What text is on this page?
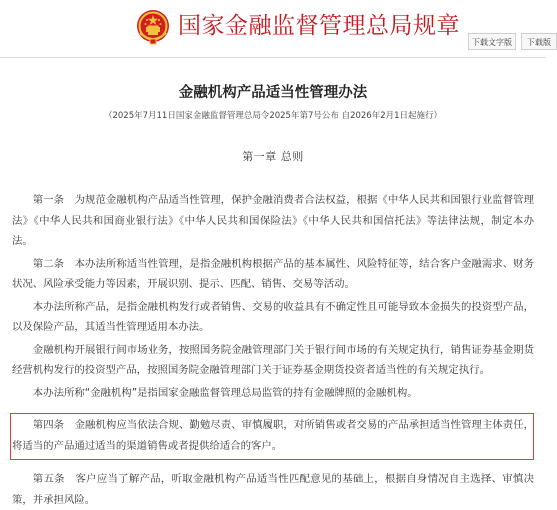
国家金融监督管理总局规章
下载文字版	下载版
金融机构产品适当性管理办法
（2025年7月11日国家金融监督管理总局令2025年第7号公布 自2026年2月1日起施行）
第一章 总则

第一条　为规范金融机构产品适当性管理，保护金融消费者合法权益，根据《中华人民共和国银行业监督管理法》《中华人民共和国商业银行法》《中华人民共和国保险法》《中华人民共和国信托法》等法律法规，制定本办法。

第二条　本办法所称适当性管理，是指金融机构根据产品的基本属性、风险特征等，结合客户金融需求、财务状况、风险承受能力等因素，开展识别、提示、匹配、销售、交易等活动。

本办法所称产品，是指金融机构发行或者销售、交易的收益具有不确定性且可能导致本金损失的投资型产品，以及保险产品，其适当性管理适用本办法。

金融机构开展银行间市场业务，按照国务院金融管理部门关于银行间市场的有关规定执行，销售证券基金期货经营机构发行的投资型产品，按照国务院金融管理部门关于证券基金期货投资者适当性的有关规定执行。

本办法所称“金融机构”是指国家金融监督管理总局监管的持有金融牌照的金融机构。

第四条　金融机构应当依法合规、勤勉尽责、审慎履职，对所销售或者交易的产品承担适当性管理主体责任，将适当的产品通过适当的渠道销售或者提供给适合的客户。

第五条　客户应当了解产品，听取金融机构产品适当性匹配意见的基础上，根据自身情况自主选择、审慎决策，并承担风险。
